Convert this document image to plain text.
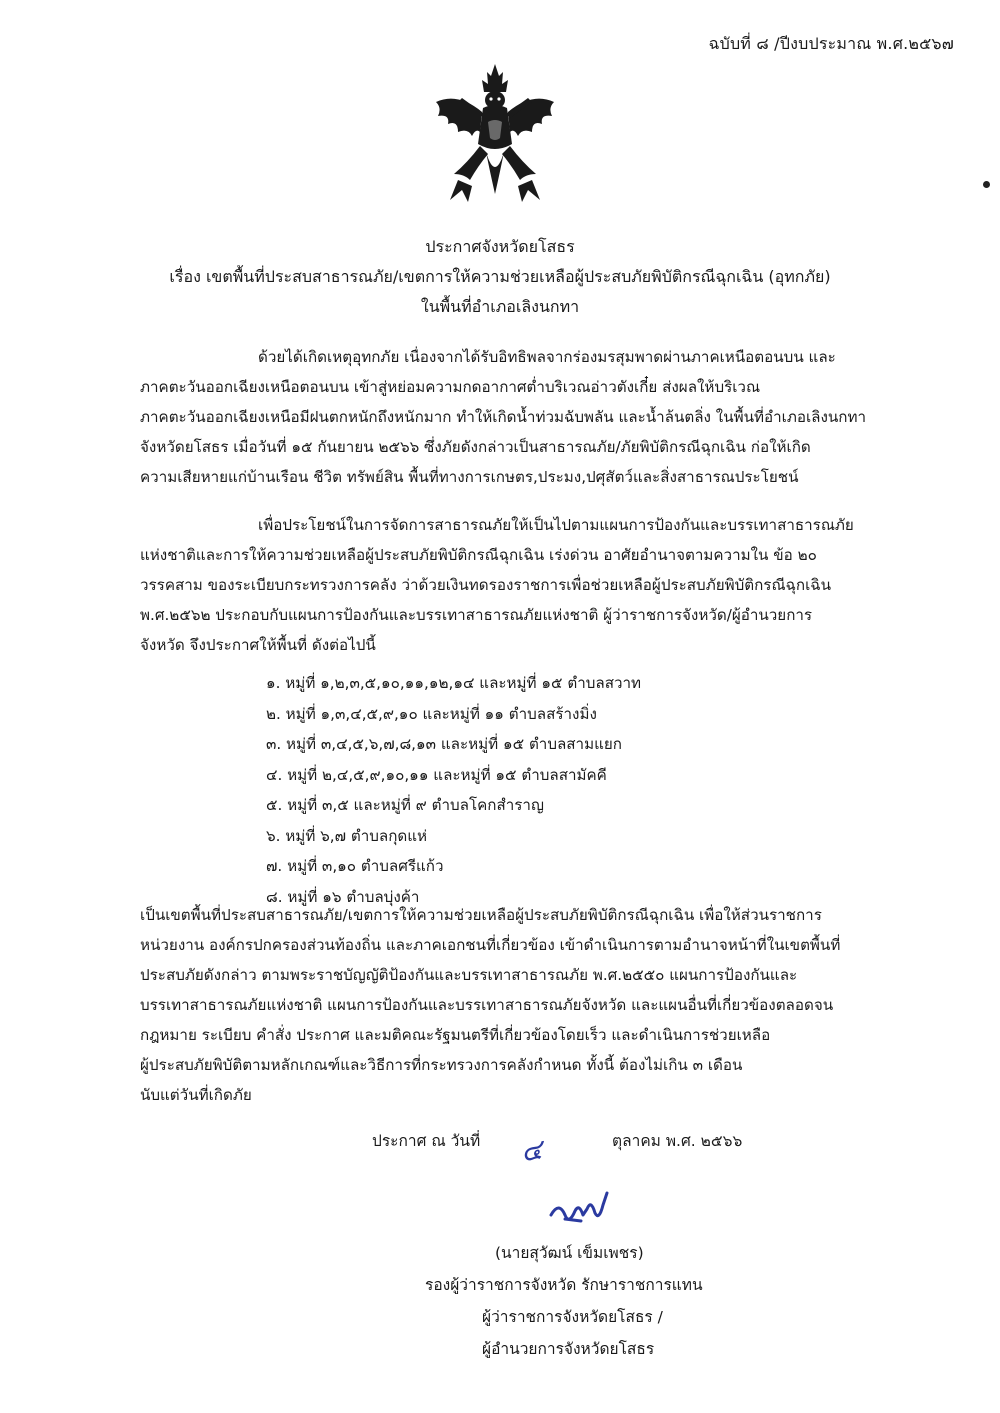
ฉบับที่ ๘ /ปีงบประมาณ พ.ศ.๒๕๖๗
ประกาศจังหวัดยโสธร
เรื่อง เขตพื้นที่ประสบสาธารณภัย/เขตการให้ความช่วยเหลือผู้ประสบภัยพิบัติกรณีฉุกเฉิน (อุทกภัย)
ในพื้นที่อำเภอเลิงนกทา
ด้วยได้เกิดเหตุอุทกภัย เนื่องจากได้รับอิทธิพลจากร่องมรสุมพาดผ่านภาคเหนือตอนบน และ
ภาคตะวันออกเฉียงเหนือตอนบน เข้าสู่หย่อมความกดอากาศต่ำบริเวณอ่าวตังเกี๋ย ส่งผลให้บริเวณ
ภาคตะวันออกเฉียงเหนือมีฝนตกหนักถึงหนักมาก ทำให้เกิดน้ำท่วมฉับพลัน และน้ำล้นตลิ่ง ในพื้นที่อำเภอเลิงนกทา
จังหวัดยโสธร เมื่อวันที่ ๑๕ กันยายน ๒๕๖๖ ซึ่งภัยดังกล่าวเป็นสาธารณภัย/ภัยพิบัติกรณีฉุกเฉิน ก่อให้เกิด
ความเสียหายแก่บ้านเรือน ชีวิต ทรัพย์สิน พื้นที่ทางการเกษตร,ประมง,ปศุสัตว์และสิ่งสาธารณประโยชน์
เพื่อประโยชน์ในการจัดการสาธารณภัยให้เป็นไปตามแผนการป้องกันและบรรเทาสาธารณภัย
แห่งชาติและการให้ความช่วยเหลือผู้ประสบภัยพิบัติกรณีฉุกเฉิน เร่งด่วน อาศัยอำนาจตามความใน ข้อ ๒๐
วรรคสาม ของระเบียบกระทรวงการคลัง ว่าด้วยเงินทดรองราชการเพื่อช่วยเหลือผู้ประสบภัยพิบัติกรณีฉุกเฉิน
พ.ศ.๒๕๖๒ ประกอบกับแผนการป้องกันและบรรเทาสาธารณภัยแห่งชาติ ผู้ว่าราชการจังหวัด/ผู้อำนวยการ
จังหวัด จึงประกาศให้พื้นที่ ดังต่อไปนี้
๑. หมู่ที่ ๑,๒,๓,๕,๑๐,๑๑,๑๒,๑๔ และหมู่ที่ ๑๕ ตำบลสวาท
๒. หมู่ที่ ๑,๓,๔,๕,๙,๑๐ และหมู่ที่ ๑๑ ตำบลสร้างมิ่ง
๓. หมู่ที่ ๓,๔,๕,๖,๗,๘,๑๓ และหมู่ที่ ๑๕ ตำบลสามแยก
๔. หมู่ที่ ๒,๔,๕,๙,๑๐,๑๑ และหมู่ที่ ๑๕ ตำบลสามัคคี
๕. หมู่ที่ ๓,๕ และหมู่ที่ ๙ ตำบลโคกสำราญ
๖. หมู่ที่ ๖,๗ ตำบลกุดแห่
๗. หมู่ที่ ๓,๑๐ ตำบลศรีแก้ว
๘. หมู่ที่ ๑๖ ตำบลบุ่งค้า
เป็นเขตพื้นที่ประสบสาธารณภัย/เขตการให้ความช่วยเหลือผู้ประสบภัยพิบัติกรณีฉุกเฉิน เพื่อให้ส่วนราชการ
หน่วยงาน องค์กรปกครองส่วนท้องถิ่น และภาคเอกชนที่เกี่ยวข้อง เข้าดำเนินการตามอำนาจหน้าที่ในเขตพื้นที่
ประสบภัยดังกล่าว ตามพระราชบัญญัติป้องกันและบรรเทาสาธารณภัย พ.ศ.๒๕๕๐ แผนการป้องกันและ
บรรเทาสาธารณภัยแห่งชาติ แผนการป้องกันและบรรเทาสาธารณภัยจังหวัด และแผนอื่นที่เกี่ยวข้องตลอดจน
กฎหมาย ระเบียบ คำสั่ง ประกาศ และมติคณะรัฐมนตรีที่เกี่ยวข้องโดยเร็ว และดำเนินการช่วยเหลือ
ผู้ประสบภัยพิบัติตามหลักเกณฑ์และวิธีการที่กระทรวงการคลังกำหนด ทั้งนี้ ต้องไม่เกิน ๓ เดือน
นับแต่วันที่เกิดภัย
ประกาศ ณ วันที่ ๔	ตุลาคม พ.ศ. ๒๕๖๖
(นายสุวัฒน์ เข็มเพชร)
รองผู้ว่าราชการจังหวัด รักษาราชการแทน
ผู้ว่าราชการจังหวัดยโสธร /
ผู้อำนวยการจังหวัดยโสธร
